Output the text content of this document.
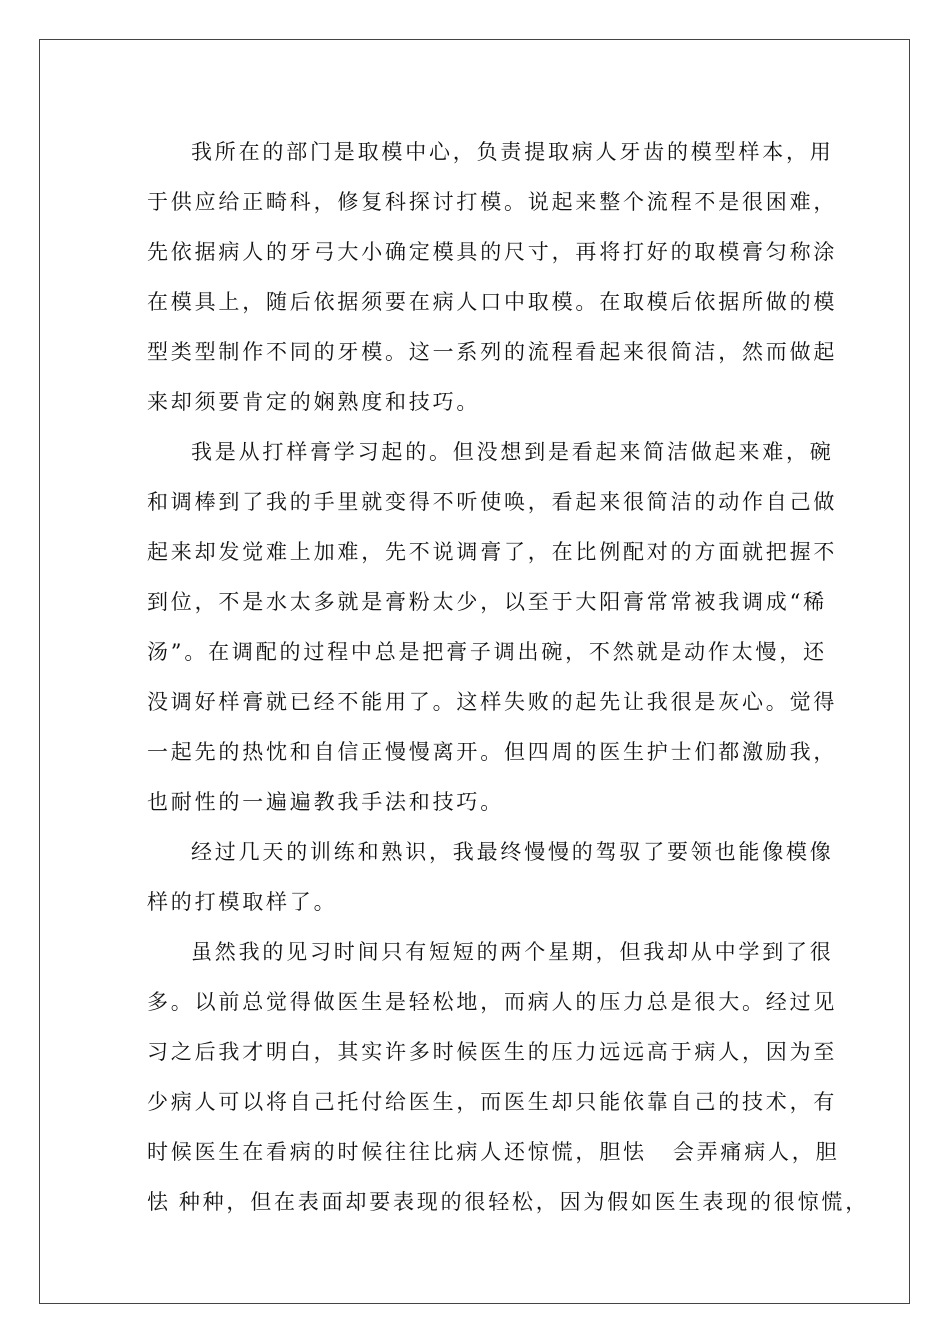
我所在的部门是取模中心，负责提取病人牙齿的模型样本，用
于供应给正畸科，修复科探讨打模。说起来整个流程不是很困难，
先依据病人的牙弓大小确定模具的尺寸，再将打好的取模膏匀称涂
在模具上，随后依据须要在病人口中取模。在取模后依据所做的模
型类型制作不同的牙模。这一系列的流程看起来很简洁，然而做起
来却须要肯定的娴熟度和技巧。
我是从打样膏学习起的。但没想到是看起来简洁做起来难，碗
和调棒到了我的手里就变得不听使唤，看起来很简洁的动作自己做
起来却发觉难上加难，先不说调膏了，在比例配对的方面就把握不
到位，不是水太多就是膏粉太少，以至于大阳膏常常被我调成“稀
汤”。在调配的过程中总是把膏子调出碗，不然就是动作太慢，还
没调好样膏就已经不能用了。这样失败的起先让我很是灰心。觉得
一起先的热忱和自信正慢慢离开。但四周的医生护士们都激励我，
也耐性的一遍遍教我手法和技巧。
经过几天的训练和熟识，我最终慢慢的驾驭了要领也能像模像
样的打模取样了。
虽然我的见习时间只有短短的两个星期，但我却从中学到了很
多。以前总觉得做医生是轻松地，而病人的压力总是很大。经过见
习之后我才明白，其实许多时候医生的压力远远高于病人，因为至
少病人可以将自己托付给医生，而医生却只能依靠自己的技术，有
时候医生在看病的时候往往比病人还惊慌，胆怯 会弄痛病人，胆
怯 种种，但在表面却要表现的很轻松，因为假如医生表现的很惊慌，
